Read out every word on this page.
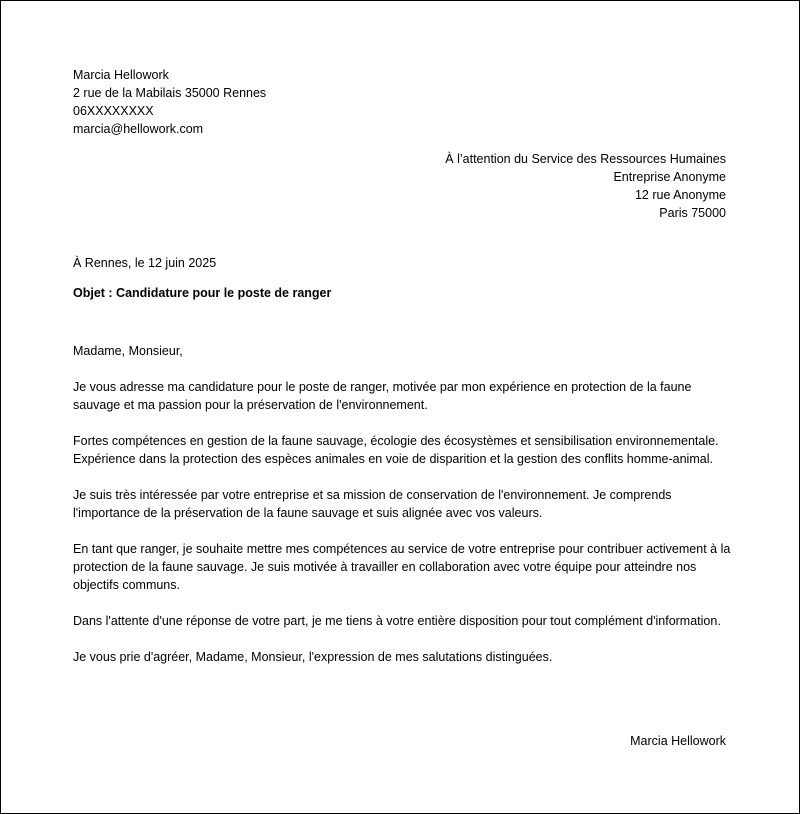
Marcia Hellowork
2 rue de la Mabilais 35000 Rennes
06XXXXXXXX
marcia@hellowork.com
À l’attention du Service des Ressources Humaines
Entreprise Anonyme
12 rue Anonyme
Paris 75000
À Rennes, le 12 juin 2025
Objet : Candidature pour le poste de ranger

Madame, Monsieur,

Je vous adresse ma candidature pour le poste de ranger, motivée par mon expérience en protection de la faune sauvage et ma passion pour la préservation de l'environnement.

Fortes compétences en gestion de la faune sauvage, écologie des écosystèmes et sensibilisation environnementale. Expérience dans la protection des espèces animales en voie de disparition et la gestion des conflits homme-animal.

Je suis très intéressée par votre entreprise et sa mission de conservation de l'environnement. Je comprends l'importance de la préservation de la faune sauvage et suis alignée avec vos valeurs.

En tant que ranger, je souhaite mettre mes compétences au service de votre entreprise pour contribuer activement à la protection de la faune sauvage. Je suis motivée à travailler en collaboration avec votre équipe pour atteindre nos objectifs communs.

Dans l'attente d'une réponse de votre part, je me tiens à votre entière disposition pour tout complément d'information.

Je vous prie d'agréer, Madame, Monsieur, l'expression de mes salutations distinguées.

Marcia Hellowork
